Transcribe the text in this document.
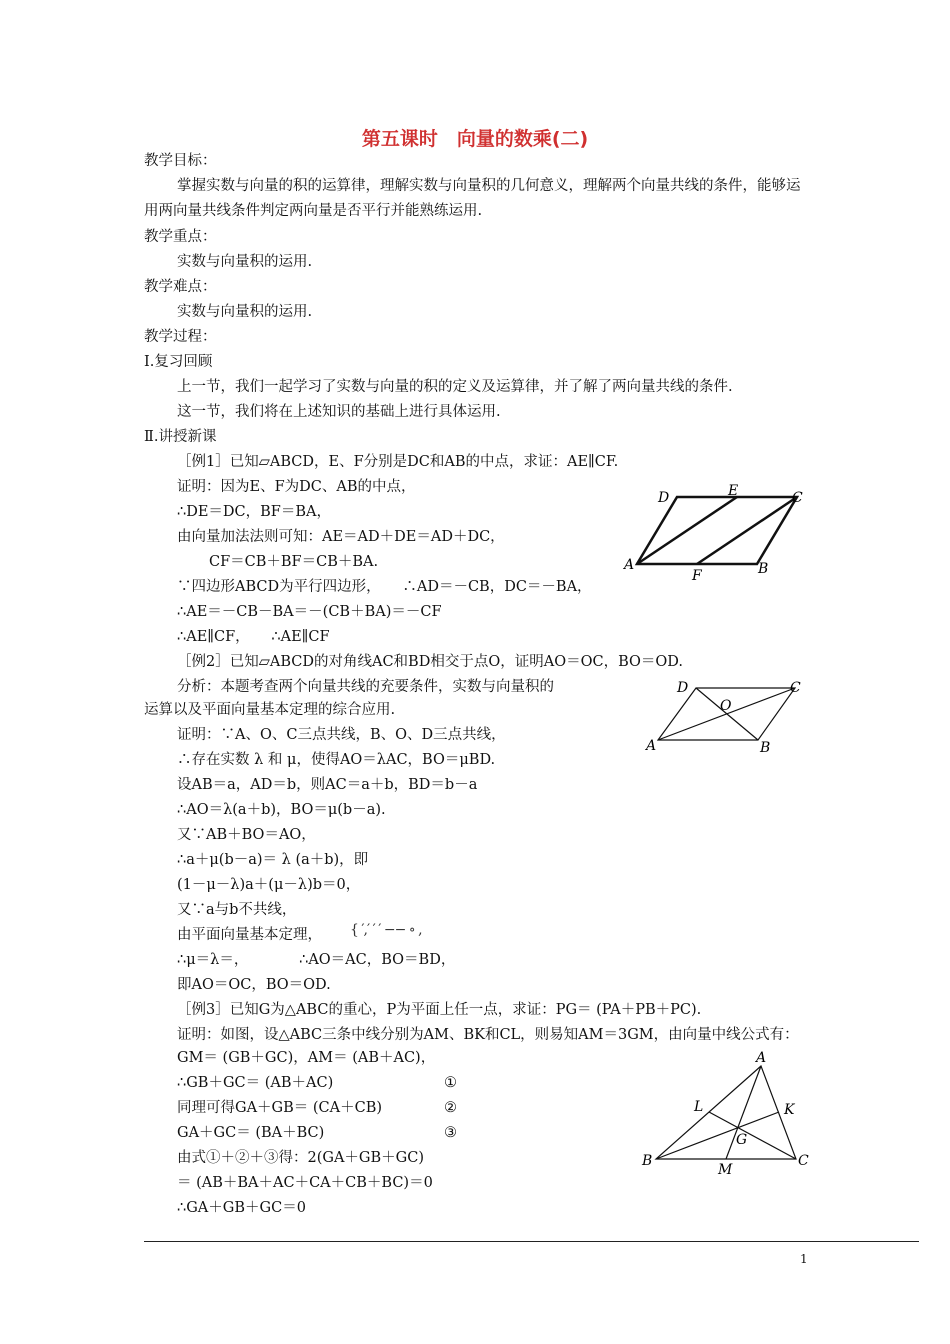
第五课时　向量的数乘(二)
教学目标：
掌握实数与向量的积的运算律，理解实数与向量积的几何意义，理解两个向量共线的条件，能够运用两向量共线条件判定两向量是否平行并能熟练运用.
教学重点：
实数与向量积的运用.
教学难点：
实数与向量积的运用.
教学过程：
Ⅰ.复习回顾
上一节，我们一起学习了实数与向量的积的定义及运算律，并了解了两向量共线的条件.
这一节，我们将在上述知识的基础上进行具体运用.
Ⅱ.讲授新课
［例1］已知▱ABCD，E、F分别是DC和AB的中点，求证：AE∥CF.
证明：因为E、F为DC、AB的中点，
∴DE＝DC，BF＝BA，
由向量加法法则可知：AE＝AD＋DE＝AD＋DC，
CF＝CB＋BF＝CB＋BA.
∵四边形ABCD为平行四边形，　　∴AD＝－CB，DC＝－BA，
∴AE＝－CB－BA＝－(CB＋BA)＝－CF
∴AE∥CF，　　∴AE∥CF
D	E	C
A
F	B
［例2］已知▱ABCD的对角线AC和BD相交于点O，证明AO＝OC，BO＝OD.
分析：本题考查两个向量共线的充要条件，实数与向量积的
运算以及平面向量基本定理的综合应用.
证明：∵A、O、C三点共线，B、O、D三点共线，
∴存在实数 λ 和 μ，使得AO＝λAC，BO＝μBD.
设AB＝a，AD＝b，则AC＝a＋b，BD＝b－a
∴AO＝λ(a＋b)，BO＝μ(b－a).
又∵AB＋BO＝AO，
∴a＋μ(b－a)＝ λ (a＋b)，即
(1－μ－λ)a＋(μ－λ)b＝0，
又∵a与b不共线，
由平面向量基本定理， { ′,′ ′ ′ −− ∘ ,
∴μ＝λ＝，　　　　∴AO＝AC，BO＝BD，
即AO＝OC，BO＝OD.
D	C
O
A	B
［例3］已知G为△ABC的重心，P为平面上任一点，求证：PG＝ (PA＋PB＋PC).
证明：如图，设△ABC三条中线分别为AM、BK和CL，则易知AM＝3GM，由向量中线公式有：
GM＝ (GB＋GC)，AM＝ (AB＋AC)，
∴GB＋GC＝ (AB＋AC)	①
同理可得GA＋GB＝ (CA＋CB)	②
GA＋GC＝ (BA＋BC)	③
由式①＋②＋③得：2(GA＋GB＋GC)
＝ (AB＋BA＋AC＋CA＋CB＋BC)＝0
∴GA＋GB＋GC＝0
A
L	K
G
B
M
C
1
